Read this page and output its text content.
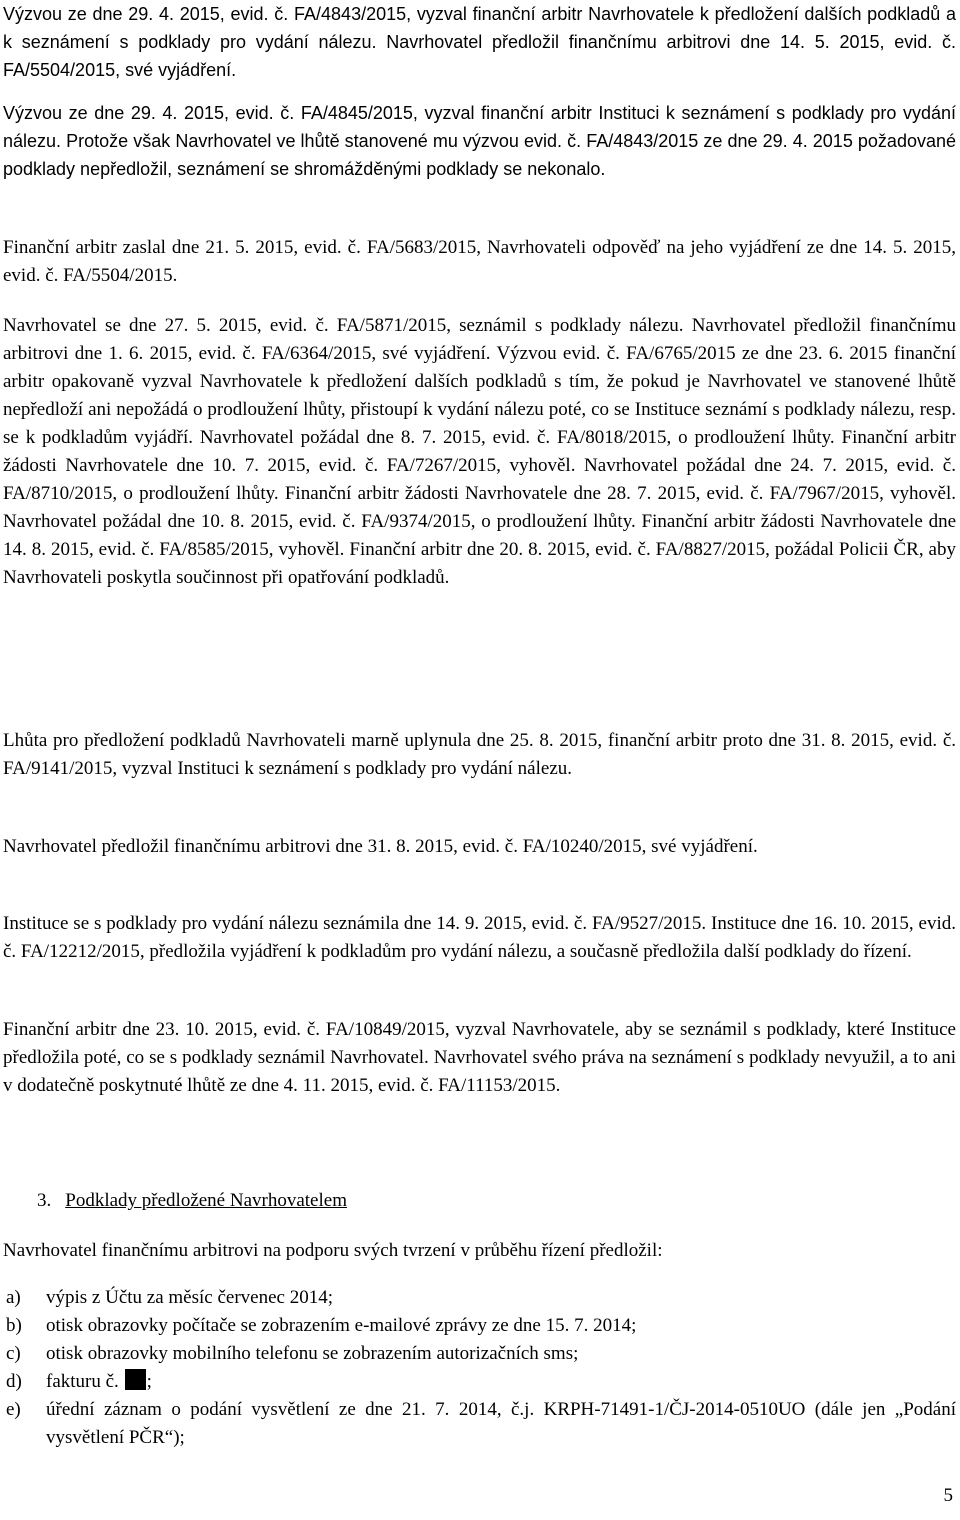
Výzvou ze dne 29. 4. 2015, evid. č. FA/4843/2015, vyzval finanční arbitr Navrhovatele k předložení dalších podkladů a k seznámení s podklady pro vydání nálezu. Navrhovatel předložil finančnímu arbitrovi dne 14. 5. 2015, evid. č. FA/5504/2015, své vyjádření.

Výzvou ze dne 29. 4. 2015, evid. č. FA/4845/2015, vyzval finanční arbitr Instituci k seznámení s podklady pro vydání nálezu. Protože však Navrhovatel ve lhůtě stanovené mu výzvou evid. č. FA/4843/2015 ze dne 29. 4. 2015 požadované podklady nepředložil, seznámení se shromážděnými podklady se nekonalo.

Finanční arbitr zaslal dne 21. 5. 2015, evid. č. FA/5683/2015, Navrhovateli odpověď na jeho vyjádření ze dne 14. 5. 2015, evid. č. FA/5504/2015.

Navrhovatel se dne 27. 5. 2015, evid. č. FA/5871/2015, seznámil s podklady nálezu. Navrhovatel předložil finančnímu arbitrovi dne 1. 6. 2015, evid. č. FA/6364/2015, své vyjádření. Výzvou evid. č. FA/6765/2015 ze dne 23. 6. 2015 finanční arbitr opakovaně vyzval Navrhovatele k předložení dalších podkladů s tím, že pokud je Navrhovatel ve stanovené lhůtě nepředloží ani nepožádá o prodloužení lhůty, přistoupí k vydání nálezu poté, co se Instituce seznámí s podklady nálezu, resp. se k podkladům vyjádří. Navrhovatel požádal dne 8. 7. 2015, evid. č. FA/8018/2015, o prodloužení lhůty. Finanční arbitr žádosti Navrhovatele dne 10. 7. 2015, evid. č. FA/7267/2015, vyhověl. Navrhovatel požádal dne 24. 7. 2015, evid. č. FA/8710/2015, o prodloužení lhůty. Finanční arbitr žádosti Navrhovatele dne 28. 7. 2015, evid. č. FA/7967/2015, vyhověl. Navrhovatel požádal dne 10. 8. 2015, evid. č. FA/9374/2015, o prodloužení lhůty. Finanční arbitr žádosti Navrhovatele dne 14. 8. 2015, evid. č. FA/8585/2015, vyhověl. Finanční arbitr dne 20. 8. 2015, evid. č. FA/8827/2015, požádal Policii ČR, aby Navrhovateli poskytla součinnost při opatřování podkladů.

Lhůta pro předložení podkladů Navrhovateli marně uplynula dne 25. 8. 2015, finanční arbitr proto dne 31. 8. 2015, evid. č. FA/9141/2015, vyzval Instituci k seznámení s podklady pro vydání nálezu.

Navrhovatel předložil finančnímu arbitrovi dne 31. 8. 2015, evid. č. FA/10240/2015, své vyjádření.

Instituce se s podklady pro vydání nálezu seznámila dne 14. 9. 2015, evid. č. FA/9527/2015. Instituce dne 16. 10. 2015, evid. č. FA/12212/2015, předložila vyjádření k podkladům pro vydání nálezu, a současně předložila další podklady do řízení.

Finanční arbitr dne 23. 10. 2015, evid. č. FA/10849/2015, vyzval Navrhovatele, aby se seznámil s podklady, které Instituce předložila poté, co se s podklady seznámil Navrhovatel. Navrhovatel svého práva na seznámení s podklady nevyužil, a to ani v dodatečně poskytnuté lhůtě ze dne 4. 11. 2015, evid. č. FA/11153/2015.

3. Podklady předložené Navrhovatelem

Navrhovatel finančnímu arbitrovi na podporu svých tvrzení v průběhu řízení předložil:

a) výpis z Účtu za měsíc červenec 2014;
b) otisk obrazovky počítače se zobrazením e-mailové zprávy ze dne 15. 7. 2014;
c) otisk obrazovky mobilního telefonu se zobrazením autorizačních sms;
d) fakturu č. ;
e) úřední záznam o podání vysvětlení ze dne 21. 7. 2014, č.j. KRPH-71491-1/ČJ-2014-0510UO (dále jen „Podání vysvětlení PČR“);
5
